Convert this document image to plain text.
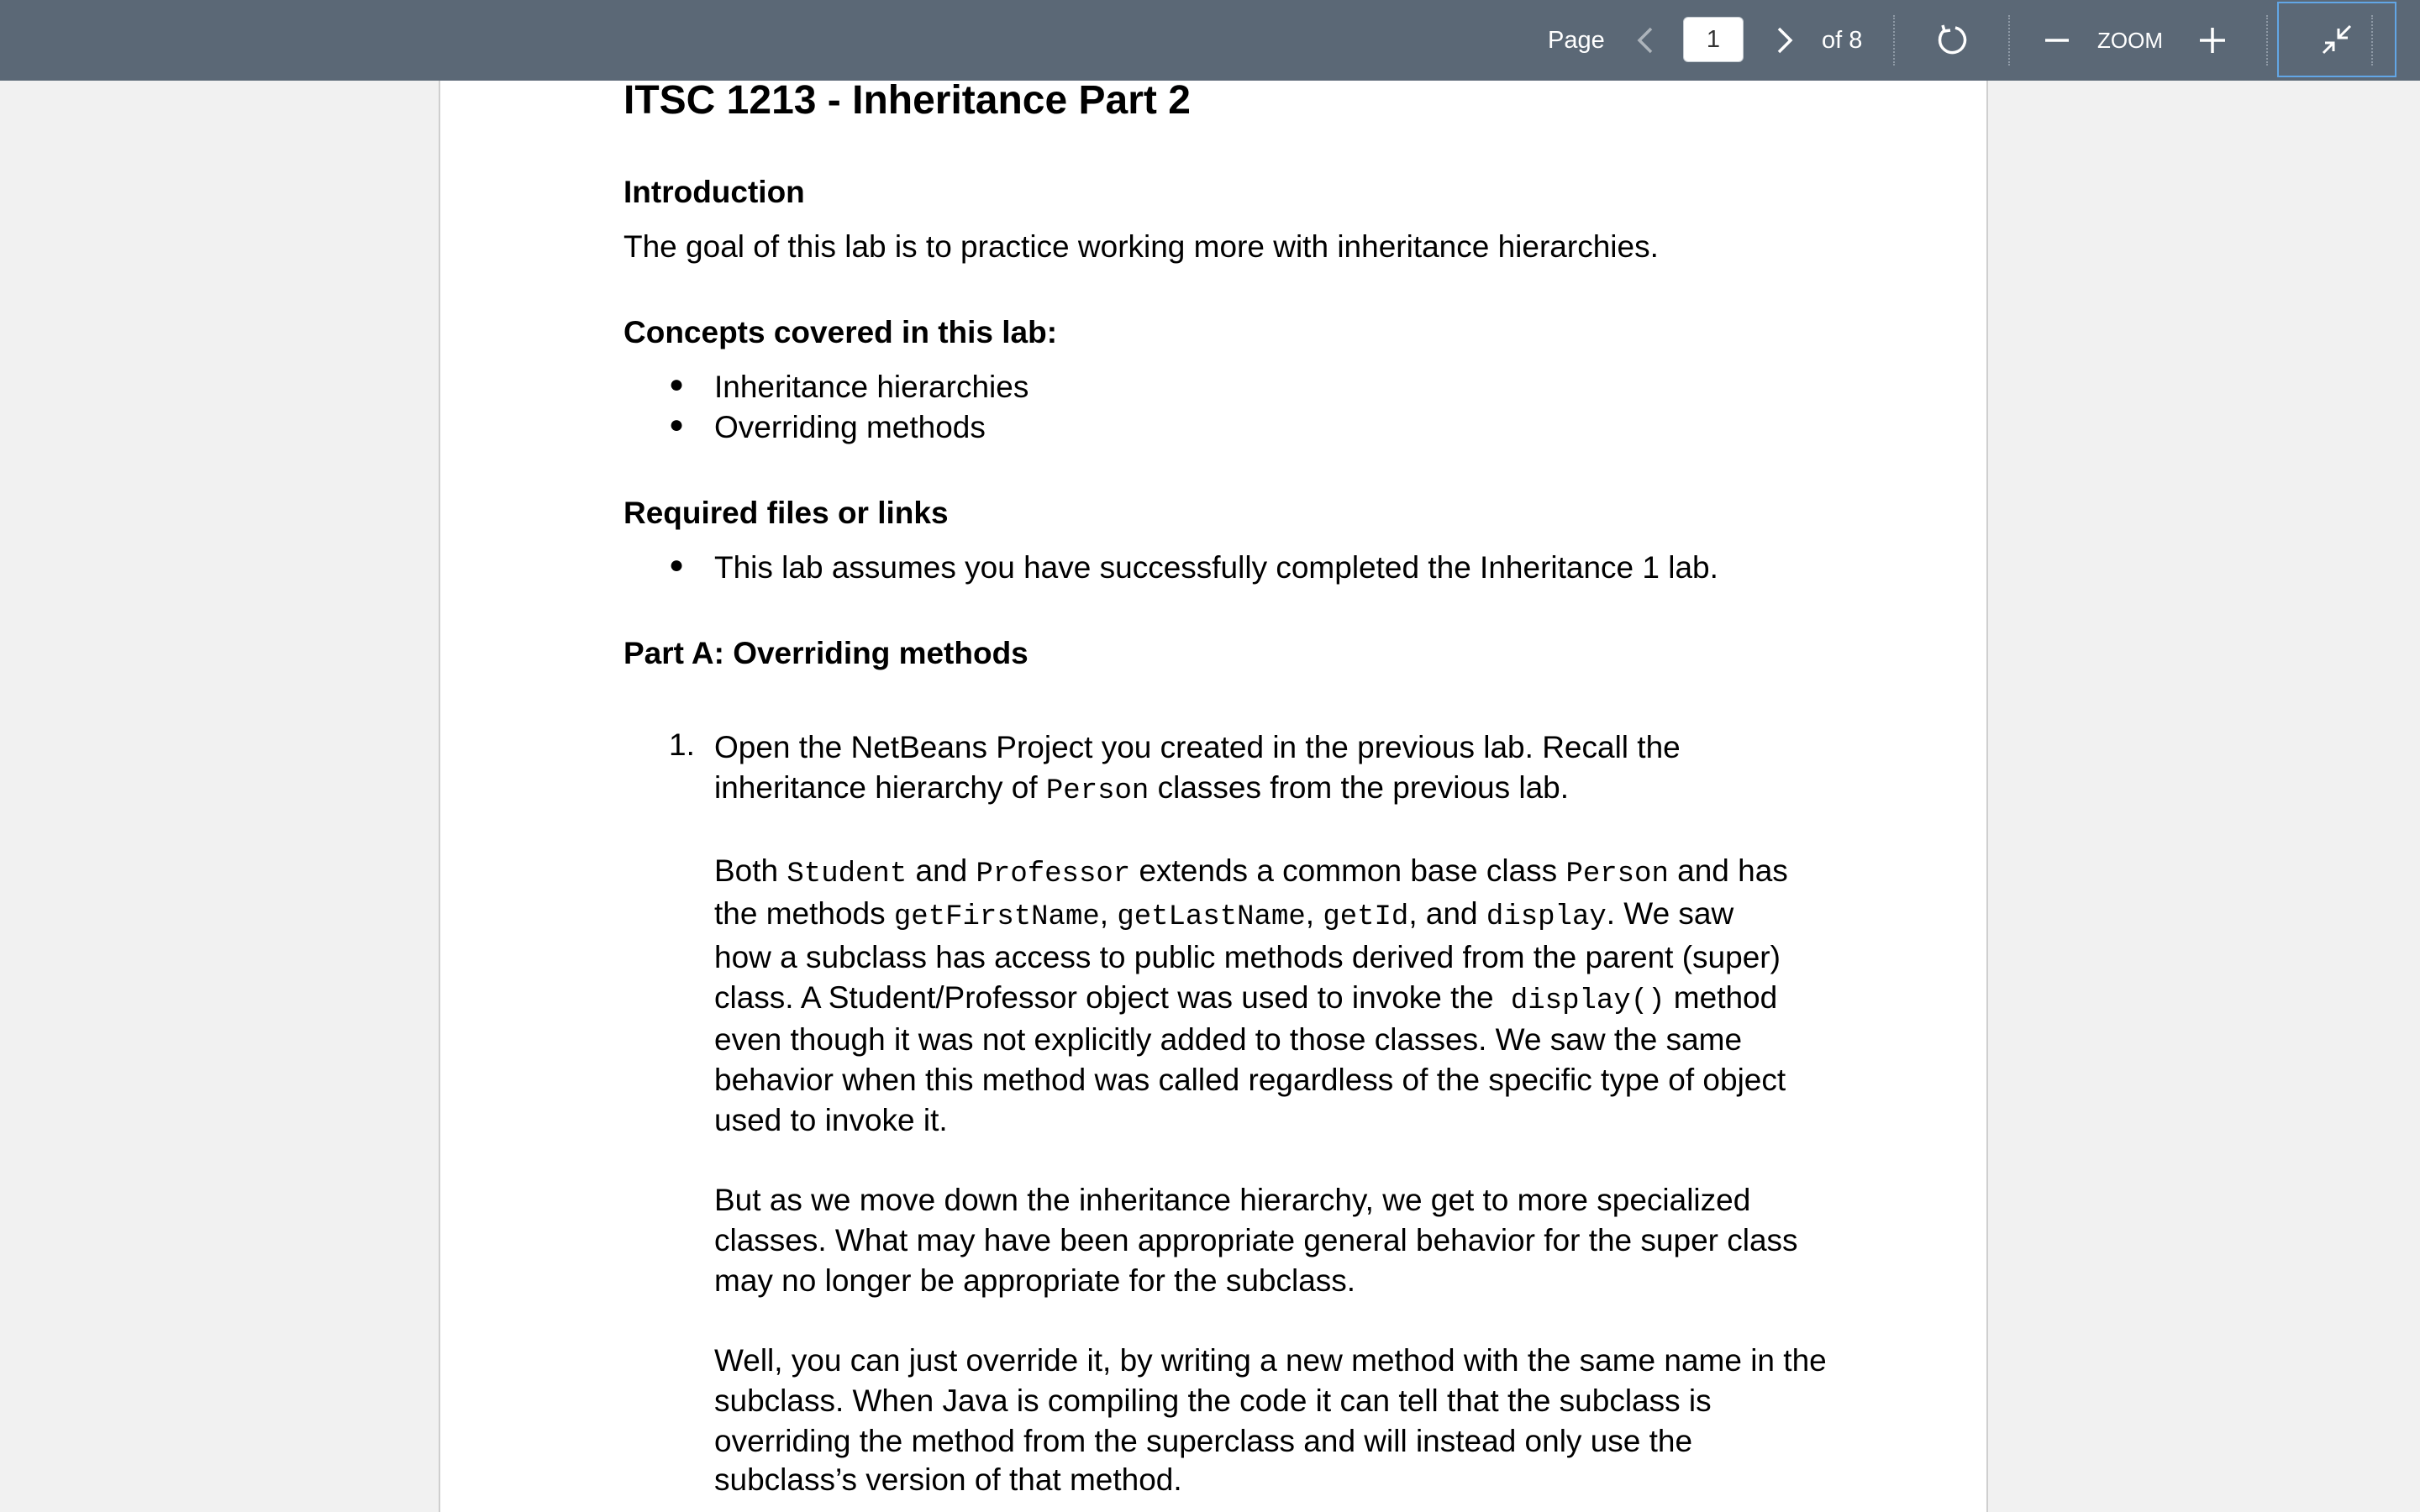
Page
1	of 8	ZOOM
ITSC 1213 - Inheritance Part 2
Introduction
The goal of this lab is to practice working more with inheritance hierarchies.
Concepts covered in this lab:
● Inheritance hierarchies
● Overriding methods
Required files or links
● This lab assumes you have successfully completed the Inheritance 1 lab.
Part A: Overriding methods
1. Open the NetBeans Project you created in the previous lab. Recall the
inheritance hierarchy of Person classes from the previous lab.
Both Student and Professor extends a common base class Person and has
the methods getFirstName, getLastName, getId, and display. We saw
how a subclass has access to public methods derived from the parent (super)
class. A Student/Professor object was used to invoke the display() method
even though it was not explicitly added to those classes. We saw the same
behavior when this method was called regardless of the specific type of object
used to invoke it.
But as we move down the inheritance hierarchy, we get to more specialized
classes. What may have been appropriate general behavior for the super class
may no longer be appropriate for the subclass.
Well, you can just override it, by writing a new method with the same name in the
subclass. When Java is compiling the code it can tell that the subclass is
overriding the method from the superclass and will instead only use the
subclass’s version of that method.
